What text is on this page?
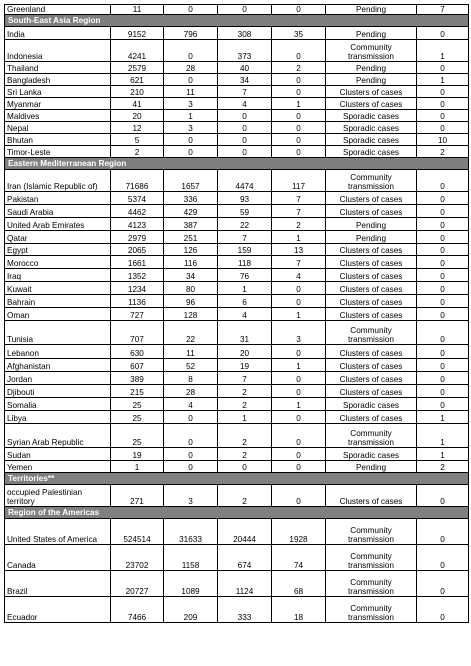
Greenland	11	0	0	0	Pending	7
South-East Asia Region						
India	9152	796	308	35	Pending	0
Indonesia	4241	0	373	0	Community transmission	1
Thailand	2579	28	40	2	Pending	0
Bangladesh	621	0	34	0	Pending	1
Sri Lanka	210	11	7	0	Clusters of cases	0
Myanmar	41	3	4	1	Clusters of cases	0
Maldives	20	1	0	0	Sporadic cases	0
Nepal	12	3	0	0	Sporadic cases	0
Bhutan	5	0	0	0	Sporadic cases	10
Timor-Leste	2	0	0	0	Sporadic cases	2
Eastern Mediterranean Region						
Iran (Islamic Republic of)	71686	1657	4474	117	Community transmission	0
Pakistan	5374	336	93	7	Clusters of cases	0
Saudi Arabia	4462	429	59	7	Clusters of cases	0
United Arab Emirates	4123	387	22	2	Pending	0
Qatar	2979	251	7	1	Pending	0
Egypt	2065	126	159	13	Clusters of cases	0
Morocco	1661	116	118	7	Clusters of cases	0
Iraq	1352	34	76	4	Clusters of cases	0
Kuwait	1234	80	1	0	Clusters of cases	0
Bahrain	1136	96	6	0	Clusters of cases	0
Oman	727	128	4	1	Clusters of cases	0
Tunisia	707	22	31	3	Community transmission	0
Lebanon	630	11	20	0	Clusters of cases	0
Afghanistan	607	52	19	1	Clusters of cases	0
Jordan	389	8	7	0	Clusters of cases	0
Djibouti	215	28	2	0	Clusters of cases	0
Somalia	25	4	2	1	Sporadic cases	0
Libya	25	0	1	0	Clusters of cases	1
Syrian Arab Republic	25	0	2	0	Community transmission	1
Sudan	19	0	2	0	Sporadic cases	1
Yemen	1	0	0	0	Pending	2
Territories**						
occupied Palestinian territory	271	3	2	0	Clusters of cases	0
Region of the Americas						
United States of America	524514	31633	20444	1928	Community transmission	0
Canada	23702	1158	674	74	Community transmission	0
Brazil	20727	1089	1124	68	Community transmission	0
Ecuador	7466	209	333	18	Community transmission	0
